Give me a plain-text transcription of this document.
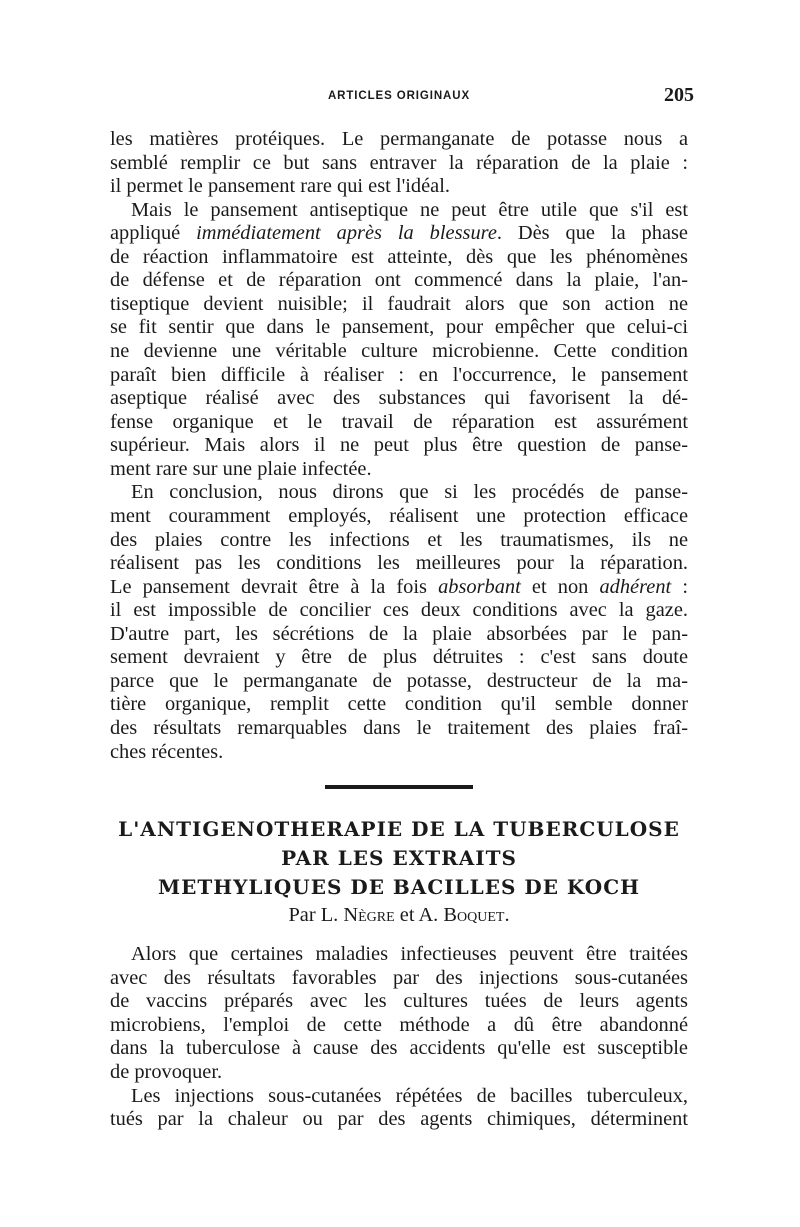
ARTICLES ORIGINAUX	205
les matières protéiques. Le permanganate de potasse nous a
semblé remplir ce but sans entraver la réparation de la plaie :
il permet le pansement rare qui est l'idéal.
Mais le pansement antiseptique ne peut être utile que s'il est
appliqué immédiatement après la blessure. Dès que la phase
de réaction inflammatoire est atteinte, dès que les phénomènes
de défense et de réparation ont commencé dans la plaie, l'an-
tiseptique devient nuisible; il faudrait alors que son action ne
se fit sentir que dans le pansement, pour empêcher que celui-ci
ne devienne une véritable culture microbienne. Cette condition
paraît bien difficile à réaliser : en l'occurrence, le pansement
aseptique réalisé avec des substances qui favorisent la dé-
fense organique et le travail de réparation est assurément
supérieur. Mais alors il ne peut plus être question de panse-
ment rare sur une plaie infectée.
En conclusion, nous dirons que si les procédés de panse-
ment couramment employés, réalisent une protection efficace
des plaies contre les infections et les traumatismes, ils ne
réalisent pas les conditions les meilleures pour la réparation.
Le pansement devrait être à la fois absorbant et non adhérent :
il est impossible de concilier ces deux conditions avec la gaze.
D'autre part, les sécrétions de la plaie absorbées par le pan-
sement devraient y être de plus détruites : c'est sans doute
parce que le permanganate de potasse, destructeur de la ma-
tière organique, remplit cette condition qu'il semble donner
des résultats remarquables dans le traitement des plaies fraî-
ches récentes.
L'ANTIGENOTHERAPIE DE LA TUBERCULOSE
PAR LES EXTRAITS
METHYLIQUES DE BACILLES DE KOCH
Par L. Nègre et A. Boquet.
Alors que certaines maladies infectieuses peuvent être traitées
avec des résultats favorables par des injections sous-cutanées
de vaccins préparés avec les cultures tuées de leurs agents
microbiens, l'emploi de cette méthode a dû être abandonné
dans la tuberculose à cause des accidents qu'elle est susceptible
de provoquer.
Les injections sous-cutanées répétées de bacilles tuberculeux,
tués par la chaleur ou par des agents chimiques, déterminent
